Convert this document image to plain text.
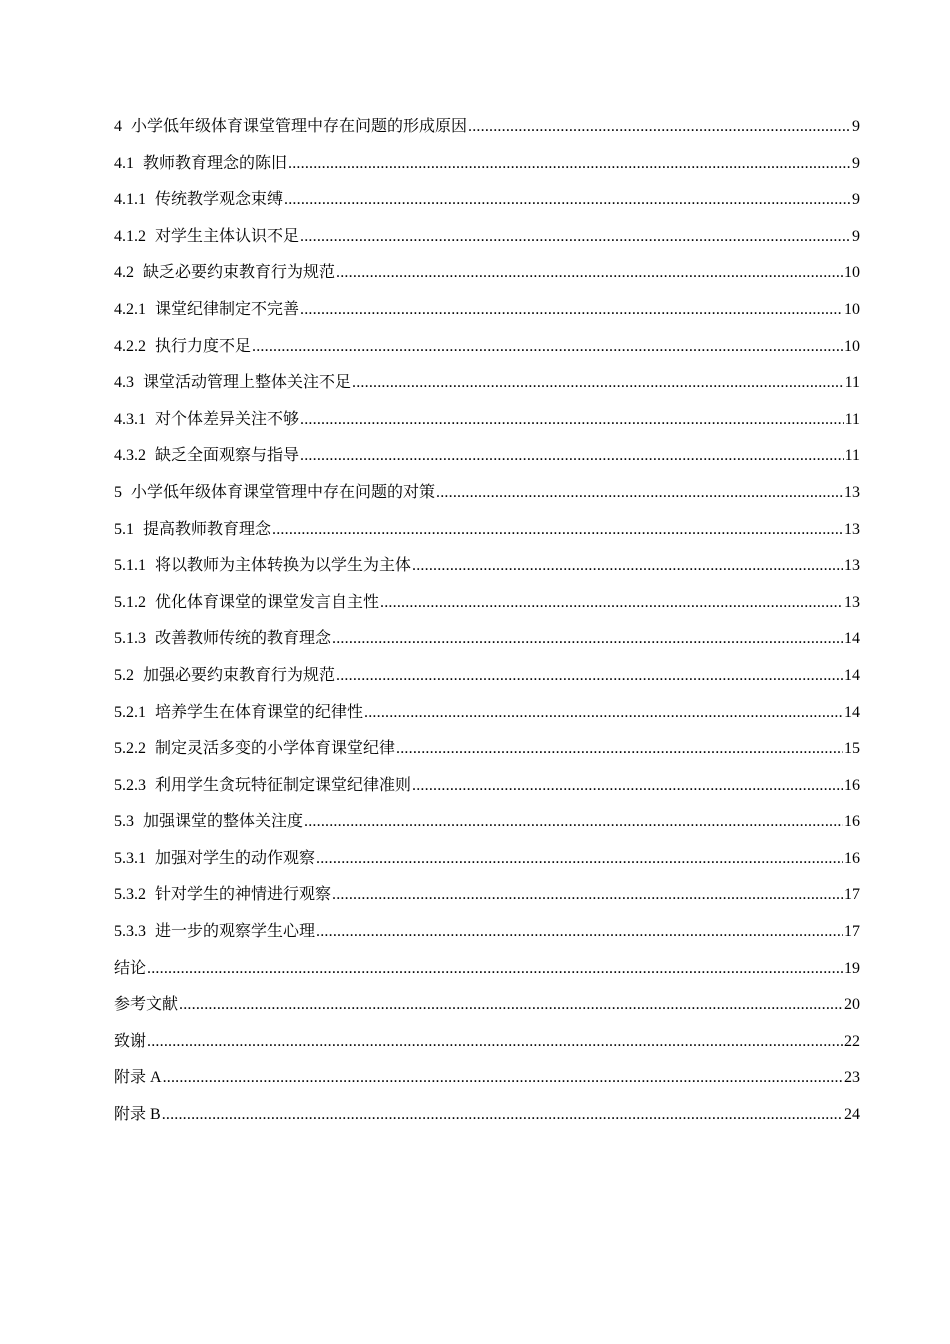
4 小学低年级体育课堂管理中存在问题的形成原因 .....	9
4.1 教师教育理念的陈旧 .....	9
4.1.1 传统教学观念束缚 .....	9
4.1.2 对学生主体认识不足 .....	9
4.2 缺乏必要约束教育行为规范 .....	10
4.2.1 课堂纪律制定不完善 .....	10
4.2.2 执行力度不足 .....	10
4.3 课堂活动管理上整体关注不足 .....	11
4.3.1 对个体差异关注不够 .....	11
4.3.2 缺乏全面观察与指导 .....	11
5 小学低年级体育课堂管理中存在问题的对策 .....	13
5.1 提高教师教育理念 .....	13
5.1.1 将以教师为主体转换为以学生为主体 .....	13
5.1.2 优化体育课堂的课堂发言自主性 .....	13
5.1.3 改善教师传统的教育理念 .....	14
5.2 加强必要约束教育行为规范 .....	14
5.2.1 培养学生在体育课堂的纪律性 .....	14
5.2.2 制定灵活多变的小学体育课堂纪律 .....	15
5.2.3 利用学生贪玩特征制定课堂纪律准则 .....	16
5.3 加强课堂的整体关注度 .....	16
5.3.1 加强对学生的动作观察 .....	16
5.3.2 针对学生的神情进行观察 .....	17
5.3.3 进一步的观察学生心理 .....	17
结论 .....	19
参考文献 .....	20
致谢 .....	22
附录 A .....	23
附录 B .....	24
